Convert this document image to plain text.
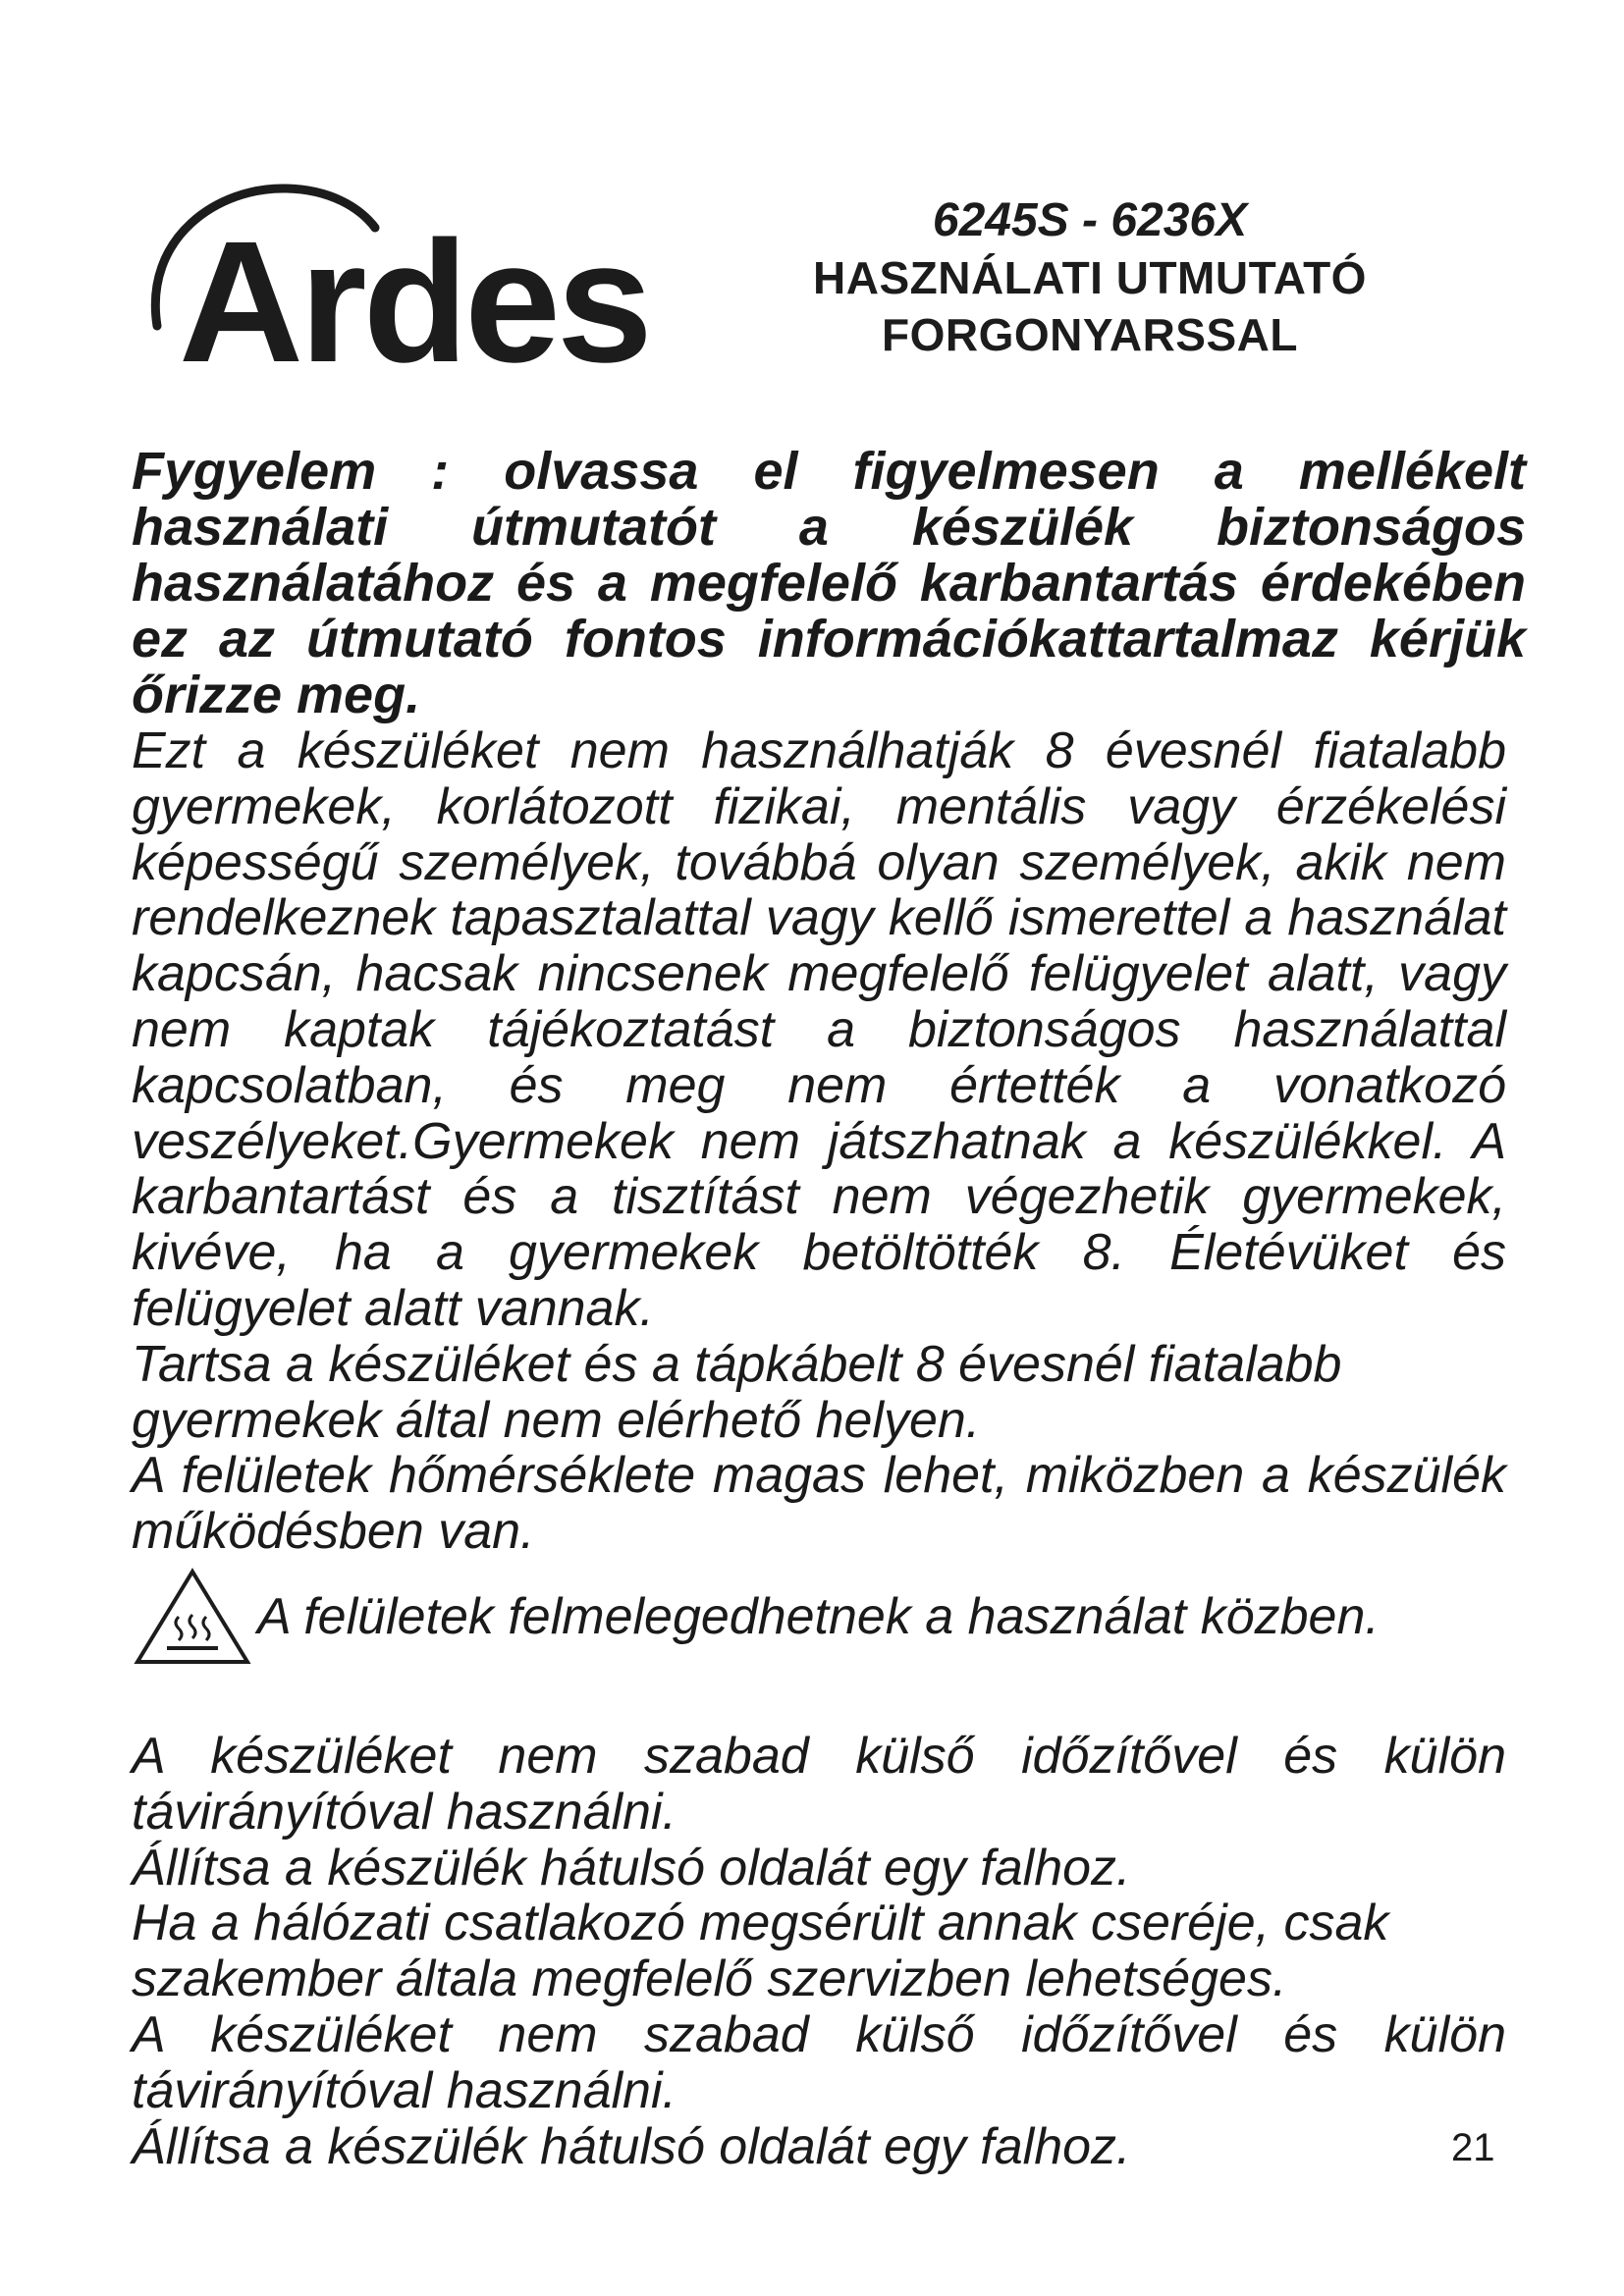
Ardes	6245S - 6236X
HASZNÁLATI UTMUTATÓ
FORGONYARSSAL

Fygyelem : olvassa el figyelmesen a mellékelt használati útmutatót a készülék biztonságos használatához és a megfelelő karbantartás érdekében ez az útmutató fontos információkattartalmaz kérjük őrizze meg.

Ezt a készüléket nem használhatják 8 évesnél fiatalabb gyermekek, korlátozott fizikai, mentális vagy érzékelési képességű személyek, továbbá olyan személyek, akik nem rendelkeznek tapasztalattal vagy kellő ismerettel a használat kapcsán, hacsak nincsenek megfelelő felügyelet alatt, vagy nem kaptak tájékoztatást a biztonságos használattal kapcsolatban, és meg nem értették a vonatkozó veszélyeket.Gyermekek nem játszhatnak a készülékkel. A karbantartást és a tisztítást nem végezhetik gyermekek, kivéve, ha a gyermekek betöltötték 8. Életévüket és felügyelet alatt vannak.

Tartsa a készüléket és a tápkábelt 8 évesnél fiatalabb gyermekek által nem elérhető helyen.

A felületek hőmérséklete magas lehet, miközben a készülék működésben van.

A felületek felmelegedhetnek a használat közben.

A készüléket nem szabad külső időzítővel és külön távirányítóval használni.

Állítsa a készülék hátulsó oldalát egy falhoz.

Ha a hálózati csatlakozó megsérült annak cseréje, csak szakember általa megfelelő szervizben lehetséges.

A készüléket nem szabad külső időzítővel és külön távirányítóval használni.

Állítsa a készülék hátulsó oldalát egy falhoz.	21
